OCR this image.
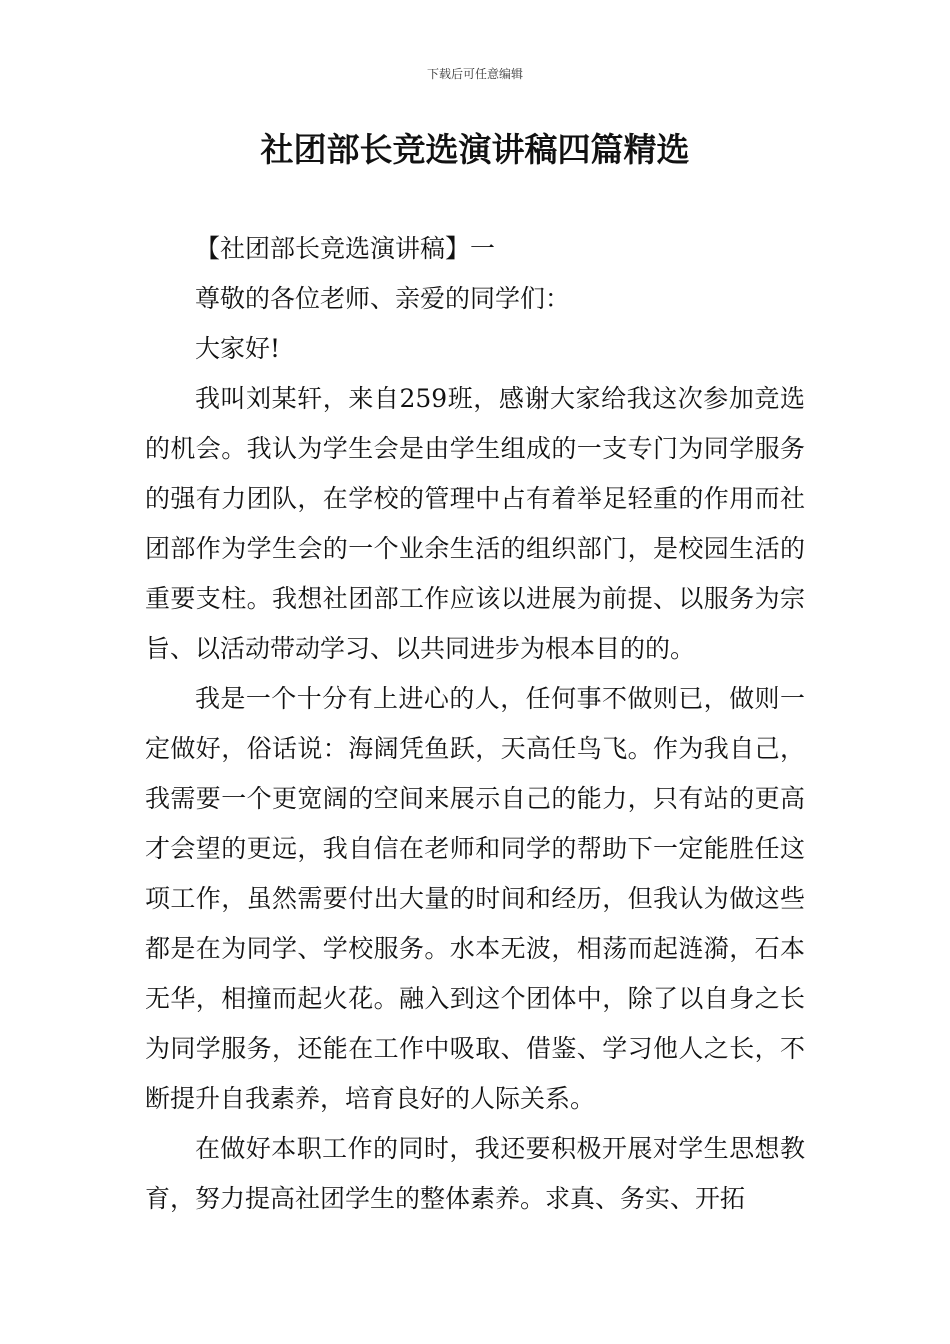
下载后可任意编辑
社团部长竞选演讲稿四篇精选

【社团部长竞选演讲稿】一

尊敬的各位老师、亲爱的同学们：

大家好!

我叫刘某轩，来自259班，感谢大家给我这次参加竞选的机会。我认为学生会是由学生组成的一支专门为同学服务的强有力团队，在学校的管理中占有着举足轻重的作用而社团部作为学生会的一个业余生活的组织部门，是校园生活的重要支柱。我想社团部工作应该以进展为前提、以服务为宗旨、以活动带动学习、以共同进步为根本目的的。

我是一个十分有上进心的人，任何事不做则已，做则一定做好，俗话说：海阔凭鱼跃，天高任鸟飞。作为我自己，我需要一个更宽阔的空间来展示自己的能力，只有站的更高才会望的更远，我自信在老师和同学的帮助下一定能胜任这项工作，虽然需要付出大量的时间和经历，但我认为做这些都是在为同学、学校服务。水本无波，相荡而起涟漪，石本无华，相撞而起火花。融入到这个团体中，除了以自身之长为同学服务，还能在工作中吸取、借鉴、学习他人之长，不断提升自我素养，培育良好的人际关系。

在做好本职工作的同时，我还要积极开展对学生思想教育，努力提高社团学生的整体素养。求真、务实、开拓
